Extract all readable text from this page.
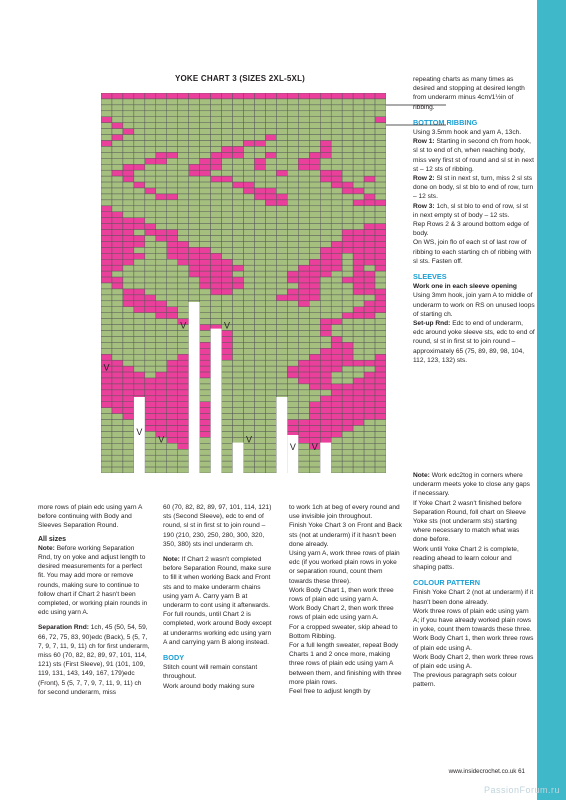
YOKE CHART 3 (SIZES 2XL-5XL)
V	V
V
V
V	V
V V

repeating charts as many times as desired and stopping at desired length from underarm minus 4cm/1½in of ribbing.

BOTTOM RIBBING

Using 3.5mm hook and yarn A, 13ch.

Row 1: Starting in second ch from hook, sl st to end of ch, when reaching body, miss very first st of round and sl st in next st – 12 sts of ribbing.

Row 2: Sl st in next st, turn, miss 2 sl sts done on body, sl st blo to end of row, turn – 12 sts.

Row 3: 1ch, sl st blo to end of row, sl st in next empty st of body – 12 sts.

Rep Rows 2 & 3 around bottom edge of body.

On WS, join flo of each st of last row of ribbing to each starting ch of ribbing with sl sts. Fasten off.

SLEEVES

Work one in each sleeve opening

Using 3mm hook, join yarn A to middle of underarm to work on RS on unused loops of starting ch.

Set-up Rnd: Edc to end of underarm, edc around yoke sleeve sts, edc to end of round, sl st in first st to join round – approximately 65 (75, 89, 89, 98, 104, 112, 123, 132) sts.

Note: Work edc2tog in corners where underarm meets yoke to close any gaps if necessary.

If Yoke Chart 2 wasn't finished before Separation Round, foll chart on Sleeve Yoke sts (not underarm sts) starting where necessary to match what was done before.

Work until Yoke Chart 2 is complete, reading ahead to learn colour and shaping patts.

COLOUR PATTERN

Finish Yoke Chart 2 (not at underarm) if it hasn't been done already.

Work three rows of plain edc using yarn A; if you have already worked plain rows in yoke, count them towards these three.

Work Body Chart 1, then work three rows of plain edc using A.

Work Body Chart 2, then work three rows of plain edc using A.

The previous paragraph sets colour pattern.

more rows of plain edc using yarn A before continuing with Body and Sleeves Separation Round.

All sizes

Note: Before working Separation Rnd, try on yoke and adjust length to desired measurements for a perfect fit. You may add more or remove rounds, making sure to continue to follow chart if Chart 2 hasn't been completed, or working plain rounds in edc using yarn A.

Separation Rnd: 1ch, 45 (50, 54, 59, 66, 72, 75, 83, 90)edc (Back), 5 (5, 7, 7, 9, 7, 11, 9, 11) ch for first underarm, miss 60 (70, 82, 82, 89, 97, 101, 114, 121) sts (First Sleeve), 91 (101, 109, 119, 131, 143, 149, 167, 179)edc (Front), 5 (5, 7, 7, 9, 7, 11, 9, 11) ch for second underarm, miss

60 (70, 82, 82, 89, 97, 101, 114, 121) sts (Second Sleeve), edc to end of round, sl st in first st to join round – 190 (210, 230, 250, 280, 300, 320, 350, 380) sts incl underarm ch.

Note: If Chart 2 wasn't completed before Separation Round, make sure to fill it when working Back and Front sts and to make underarm chains using yarn A. Carry yarn B at underarm to cont using it afterwards. For full rounds, until Chart 2 is completed, work around Body except at underarms working edc using yarn A and carrying yarn B along instead.

BODY

Stitch count will remain constant throughout.

Work around body making sure

to work 1ch at beg of every round and use invisible join throughout.

Finish Yoke Chart 3 on Front and Back sts (not at underarm) if it hasn't been done already.

Using yarn A, work three rows of plain edc (if you worked plain rows in yoke or separation round, count them towards these three).

Work Body Chart 1, then work three rows of plain edc using yarn A.

Work Body Chart 2, then work three rows of plain edc using yarn A.

For a cropped sweater, skip ahead to Bottom Ribbing.

For a full length sweater, repeat Body Charts 1 and 2 once more, making three rows of plain edc using yarn A between them, and finishing with three more plain rows.

Feel free to adjust length by

www.insidecrochet.co.uk 61
PassionForum.ru
